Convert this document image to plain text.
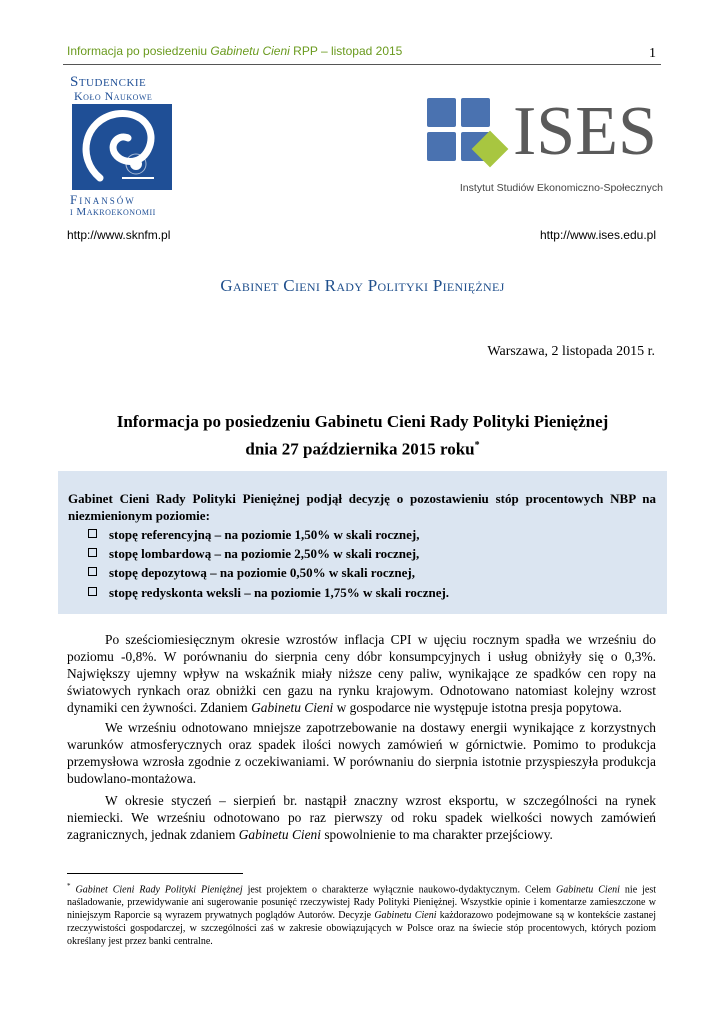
Informacja po posiedzeniu Gabinetu Cieni RPP – listopad 2015	1
Studenckie
Koło Naukowe
Finansów
i Makroekonomii
ISES
Instytut Studiów Ekonomiczno-Społecznych
http://www.sknfm.pl	http://www.ises.edu.pl
Gabinet Cieni Rady Polityki Pieniężnej
Warszawa, 2 listopada 2015 r.
Informacja po posiedzeniu Gabinetu Cieni Rady Polityki Pieniężnej
dnia 27 października 2015 roku*
Gabinet Cieni Rady Polityki Pieniężnej podjął decyzję o pozostawieniu stóp procentowych NBP na niezmienionym poziomie:
stopę referencyjną – na poziomie 1,50% w skali rocznej,
stopę lombardową – na poziomie 2,50% w skali rocznej,
stopę depozytową – na poziomie 0,50% w skali rocznej,
stopę redyskonta weksli – na poziomie 1,75% w skali rocznej.

Po sześciomiesięcznym okresie wzrostów inflacja CPI w ujęciu rocznym spadła we wrześniu do poziomu -0,8%. W porównaniu do sierpnia ceny dóbr konsumpcyjnych i usług obniżyły się o 0,3%. Największy ujemny wpływ na wskaźnik miały niższe ceny paliw, wynikające ze spadków cen ropy na światowych rynkach oraz obniżki cen gazu na rynku krajowym. Odnotowano natomiast kolejny wzrost dynamiki cen żywności. Zdaniem Gabinetu Cieni w gospodarce nie występuje istotna presja popytowa.

We wrześniu odnotowano mniejsze zapotrzebowanie na dostawy energii wynikające z korzystnych warunków atmosferycznych oraz spadek ilości nowych zamówień w górnictwie. Pomimo to produkcja przemysłowa wzrosła zgodnie z oczekiwaniami. W porównaniu do sierpnia istotnie przyspieszyła produkcja budowlano-montażowa.

W okresie styczeń – sierpień br. nastąpił znaczny wzrost eksportu, w szczególności na rynek niemiecki. We wrześniu odnotowano po raz pierwszy od roku spadek wielkości nowych zamówień zagranicznych, jednak zdaniem Gabinetu Cieni spowolnienie to ma charakter przejściowy.

* Gabinet Cieni Rady Polityki Pieniężnej jest projektem o charakterze wyłącznie naukowo-dydaktycznym. Celem Gabinetu Cieni nie jest naśladowanie, przewidywanie ani sugerowanie posunięć rzeczywistej Rady Polityki Pieniężnej. Wszystkie opinie i komentarze zamieszczone w niniejszym Raporcie są wyrazem prywatnych poglądów Autorów. Decyzje Gabinetu Cieni każdorazowo podejmowane są w kontekście zastanej rzeczywistości gospodarczej, w szczególności zaś w zakresie obowiązujących w Polsce oraz na świecie stóp procentowych, których poziom określany jest przez banki centralne.
